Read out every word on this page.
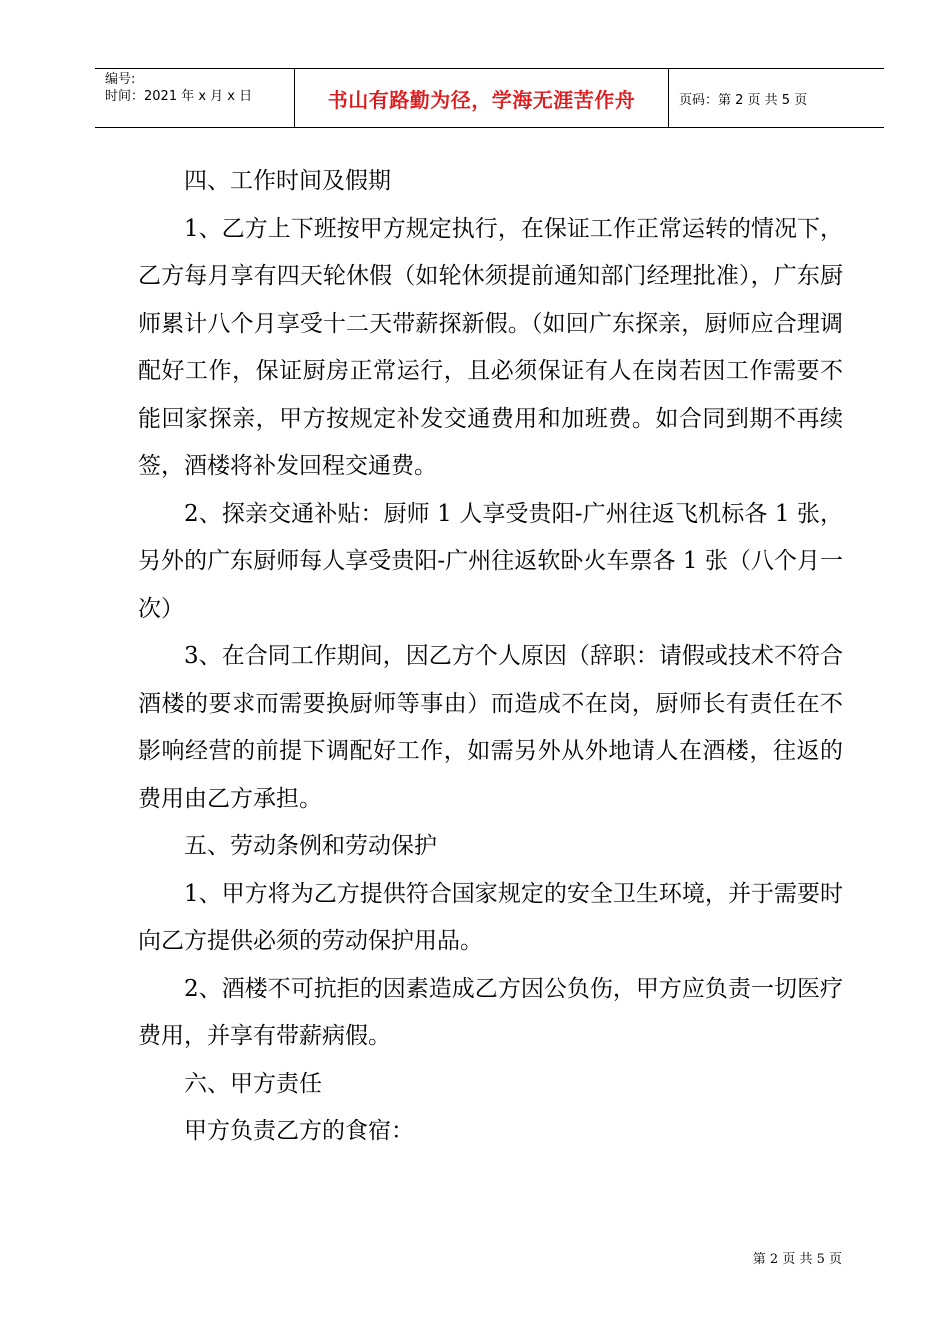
编号:
时间：2021 年 x 月 x 日	书山有路勤为径，学海无涯苦作舟	页码：第 2 页 共 5 页

四、工作时间及假期

1、乙方上下班按甲方规定执行，在保证工作正常运转的情况下，乙方每月享有四天轮休假（如轮休须提前通知部门经理批准），广东厨师累计八个月享受十二天带薪探新假。（如回广东探亲，厨师应合理调配好工作，保证厨房正常运行，且必须保证有人在岗若因工作需要不能回家探亲，甲方按规定补发交通费用和加班费。如合同到期不再续签，酒楼将补发回程交通费。

2、探亲交通补贴：厨师 1 人享受贵阳-广州往返飞机标各 1 张，另外的广东厨师每人享受贵阳-广州往返软卧火车票各 1 张（八个月一次）

3、在合同工作期间，因乙方个人原因（辞职：请假或技术不符合酒楼的要求而需要换厨师等事由）而造成不在岗，厨师长有责任在不影响经营的前提下调配好工作，如需另外从外地请人在酒楼，往返的费用由乙方承担。

五、劳动条例和劳动保护

1、甲方将为乙方提供符合国家规定的安全卫生环境，并于需要时向乙方提供必须的劳动保护用品。

2、酒楼不可抗拒的因素造成乙方因公负伤，甲方应负责一切医疗费用，并享有带薪病假。

六、甲方责任

甲方负责乙方的食宿：

第 2 页 共 5 页
